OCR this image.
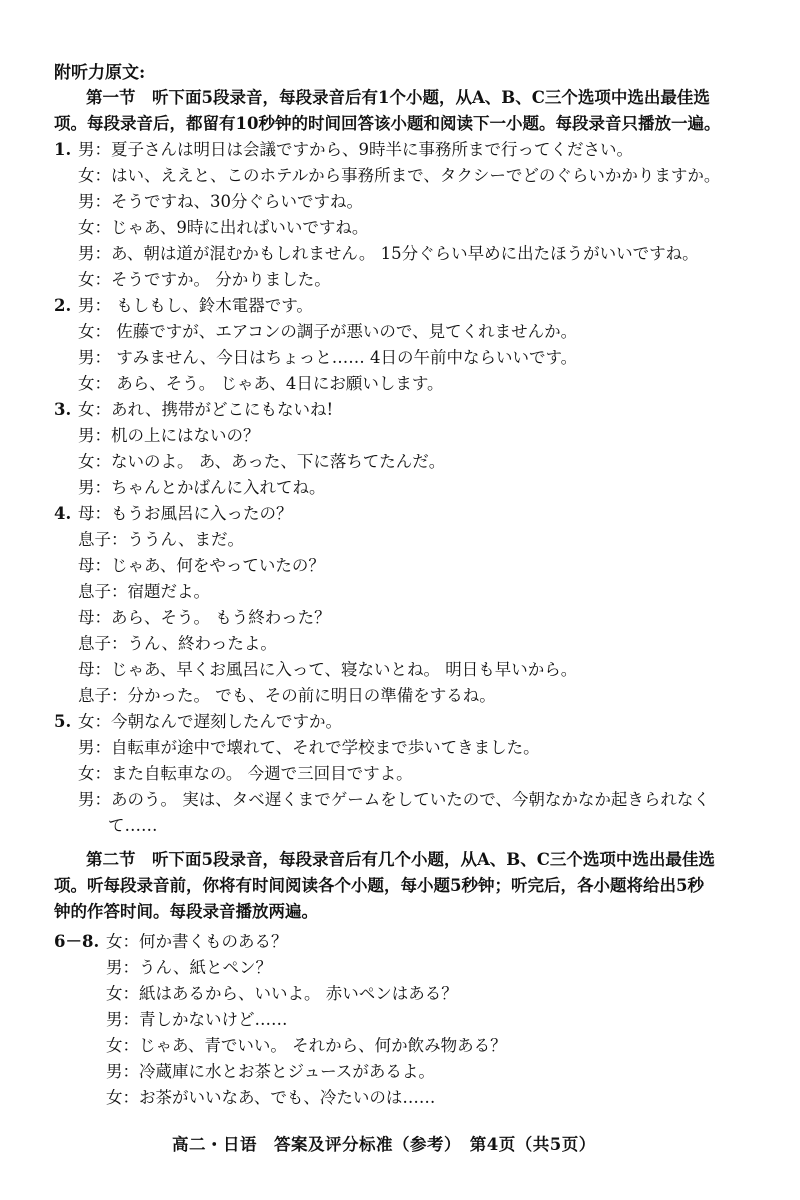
附听力原文:
第一节　听下面5段录音，每段录音后有1个小题，从A、B、C三个选项中选出最佳选
项。每段录音后，都留有10秒钟的时间回答该小题和阅读下一小题。每段录音只播放一遍。
1. 男：夏子さんは明日は会議ですから、9時半に事務所まで行ってください。
女：はい、ええと、このホテルから事務所まで、タクシーでどのぐらいかかりますか。
男：そうですね、30分ぐらいですね。
女：じゃあ、9時に出ればいいですね。
男：あ、朝は道が混むかもしれません。 15分ぐらい早めに出たほうがいいですね。
女：そうですか。 分かりました。
2. 男： もしもし、鈴木電器です。
女： 佐藤ですが、エアコンの調子が悪いので、見てくれませんか。
男： すみません、今日はちょっと…… 4日の午前中ならいいです。
女： あら、そう。 じゃあ、4日にお願いします。
3. 女：あれ、携帯がどこにもないね!
男：机の上にはないの？
女：ないのよ。 あ、あった、下に落ちてたんだ。
男：ちゃんとかばんに入れてね。
4. 母：もうお風呂に入ったの？
息子：ううん、まだ。
母：じゃあ、何をやっていたの？
息子：宿題だよ。
母：あら、そう。 もう終わった？
息子：うん、終わったよ。
母：じゃあ、早くお風呂に入って、寝ないとね。 明日も早いから。
息子：分かった。 でも、その前に明日の準備をするね。
5. 女：今朝なんで遅刻したんですか。
男：自転車が途中で壊れて、それで学校まで歩いてきました。
女：また自転車なの。 今週で三回目ですよ。
男：あのう。 実は、タベ遅くまでゲームをしていたので、今朝なかなか起きられなく
て……
第二节　听下面5段录音，每段录音后有几个小题，从A、B、C三个选项中选出最佳选
项。听每段录音前，你将有时间阅读各个小题，每小题5秒钟；听完后，各小题将给出5秒
钟的作答时间。每段录音播放两遍。
6－8. 女：何か書くものある？
男：うん、紙とペン？
女：紙はあるから、いいよ。 赤いペンはある？
男：青しかないけど……
女：じゃあ、青でいい。 それから、何か飲み物ある？
男：冷蔵庫に水とお茶とジュースがあるよ。
女：お茶がいいなあ、でも、冷たいのは……
高二・日语　答案及评分标准（参考）　第4页（共5页）
